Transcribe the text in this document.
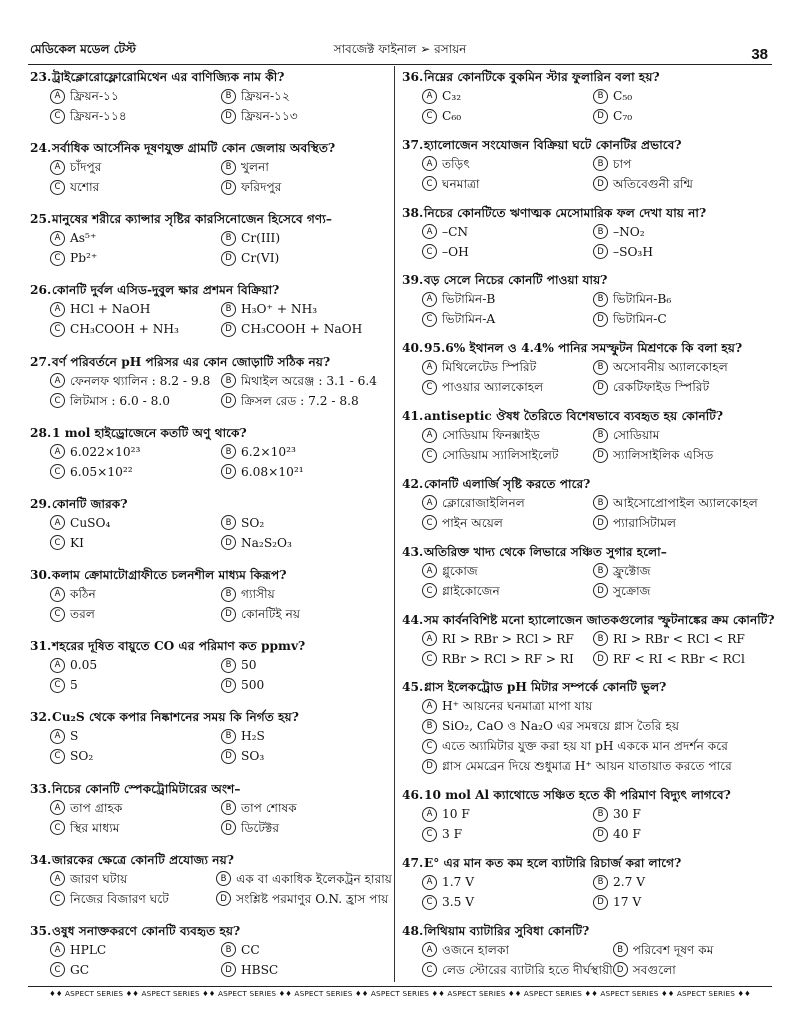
মেডিকেল মডেল টেস্ট	সাবজেক্ট ফাইনাল ➢ রসায়ন	38
23.ট্রাইক্লোরোফ্লোরোমিথেন এর বাণিজ্যিক নাম কী?
A ফ্রিয়ন-১১	B ফ্রিয়ন-১২
C ফ্রিয়ন-১১৪	D ফ্রিয়ন-১১৩
24.সর্বাধিক আর্সেনিক দূষণযুক্ত গ্রামটি কোন জেলায় অবস্থিত?
A চাঁদপুর	B খুলনা
C যশোর	D ফরিদপুর
25.মানুষের শরীরে ক্যান্সার সৃষ্টির কারসিনোজেন হিসেবে গণ্য–
A As⁵⁺	B Cr(III)
C Pb²⁺	D Cr(VI)
26.কোনটি দুর্বল এসিড-দুবুল ক্ষার প্রশমন বিক্রিয়া?
A HCl + NaOH	B H₃O⁺ + NH₃
C CH₃COOH + NH₃	D CH₃COOH + NaOH
27.বর্ণ পরিবর্তনে pH পরিসর এর কোন জোড়াটি সঠিক নয়?
A ফেনলফ থ্যালিন : 8.2 - 9.8	B মিথাইল অরেঞ্জ : 3.1 - 6.4
C লিটমাস : 6.0 - 8.0	D ক্রিসল রেড : 7.2 - 8.8
28.1 mol হাইড্রোজেনে কতটি অণু থাকে?
A 6.022×10²³	B 6.2×10²³
C 6.05×10²²	D 6.08×10²¹
29.কোনটি জারক?
A CuSO₄	B SO₂
C KI	D Na₂S₂O₃
30.কলাম ক্রোমাটোগ্রাফীতে চলনশীল মাধ্যম কিরূপ?
A কঠিন	B গ্যাসীয়
C তরল	D কোনটিই নয়
31.শহরের দূষিত বায়ুতে CO এর পরিমাণ কত ppmv?
A 0.05	B 50
C 5	D 500
32.Cu₂S থেকে কপার নিষ্কাশনের সময় কি নির্গত হয়?
A S	B H₂S
C SO₂	D SO₃
33.নিচের কোনটি স্পেকট্রোমিটারের অংশ–
A তাপ গ্রাহক	B তাপ শোষক
C স্থির মাধ্যম	D ডিটেক্টর
34.জারকের ক্ষেত্রে কোনটি প্রযোজ্য নয়?
A জারণ ঘটায়	B এক বা একাধিক ইলেকট্রন হারায়
C নিজের বিজারণ ঘটে	D সংশ্লিষ্ট পরমাণুর O.N. হ্রাস পায়
35.ওষুধ সনাক্তকরণে কোনটি ব্যবহৃত হয়?
A HPLC	B CC
C GC	D HBSC
36.নিম্নের কোনটিকে বুকমিন স্টার ফুলারিন বলা হয়?
A C₃₂	B C₅₀
C C₆₀	D C₇₀
37.হ্যালোজেন সংযোজন বিক্রিয়া ঘটে কোনটির প্রভাবে?
A তড়িৎ	B চাপ
C ঘনমাত্রা	D অতিবেগুনী রশ্মি
38.নিচের কোনটিতে ঋণাত্মক মেসোমারিক ফল দেখা যায় না?
A –CN	B –NO₂
C –OH	D –SO₃H
39.বড় সেলে নিচের কোনটি পাওয়া যায়?
A ভিটামিন-B	B ভিটামিন-B₆
C ভিটামিন-A	D ভিটামিন-C
40.95.6% ইথানল ও 4.4% পানির সমস্ফুটন মিশ্রণকে কি বলা হয়?
A মিথিলেটেড স্পিরিট	B অসোবনীয় অ্যালকোহল
C পাওয়ার অ্যালকোহল	D রেকটিফাইড স্পিরিট
41.antiseptic ঔষধ তৈরিতে বিশেষভাবে ব্যবহৃত হয় কোনটি?
A সোডিয়াম ফিনক্সাইড	B সোডিয়াম
C সোডিয়াম স্যালিসাইলেট	D স্যালিসাইলিক এসিড
42.কোনটি এলার্জি সৃষ্টি করতে পারে?
A ক্লোরোজাইলিনল	B আইসোপ্রোপাইল অ্যালকোহল
C পাইন অয়েল	D প্যারাসিটামল
43.অতিরিক্ত খাদ্য থেকে লিভারে সঞ্চিত সুগার হলো–
A গ্লুকোজ	B ফ্রুক্টোজ
C গ্লাইকোজেন	D সুক্রোজ
44.সম কার্বনবিশিষ্ট মনো হ্যালোজেন জাতকগুলোর স্ফুটনাঙ্কের ক্রম কোনটি?
A RI > RBr > RCl > RF	B RI > RBr < RCl < RF
C RBr > RCl > RF > RI	D RF < RI < RBr < RCl
45.গ্লাস ইলেকট্রোড pH মিটার সম্পর্কে কোনটি ভুল?
A H⁺ আয়নের ঘনমাত্রা মাপা যায়
B SiO₂, CaO ও Na₂O এর সমন্বয়ে গ্লাস তৈরি হয়
C এতে অ্যামিটার যুক্ত করা হয় যা pH এককে মান প্রদর্শন করে
D গ্লাস মেমব্রেন দিয়ে শুধুমাত্র H⁺ আয়ন যাতায়াত করতে পারে
46.10 mol Al ক্যাথোডে সঞ্চিত হতে কী পরিমাণ বিদ্যুৎ লাগবে?
A 10 F	B 30 F
C 3 F	D 40 F
47.E° এর মান কত কম হলে ব্যাটারি রিচার্জ করা লাগে?
A 1.7 V	B 2.7 V
C 3.5 V	D 17 V
48.লিথিয়াম ব্যাটারির সুবিধা কোনটি?
A ওজনে হালকা	B পরিবেশ দূষণ কম
C লেড স্টোরের ব্যাটারি হতে দীর্ঘস্থায়ী D সবগুলো
♦♦ ASPECT SERIES ♦♦ ASPECT SERIES ♦♦ ASPECT SERIES ♦♦ ASPECT SERIES ♦♦ ASPECT SERIES ♦♦ ASPECT SERIES ♦♦ ASPECT SERIES ♦♦ ASPECT SERIES ♦♦ ASPECT SERIES ♦♦
